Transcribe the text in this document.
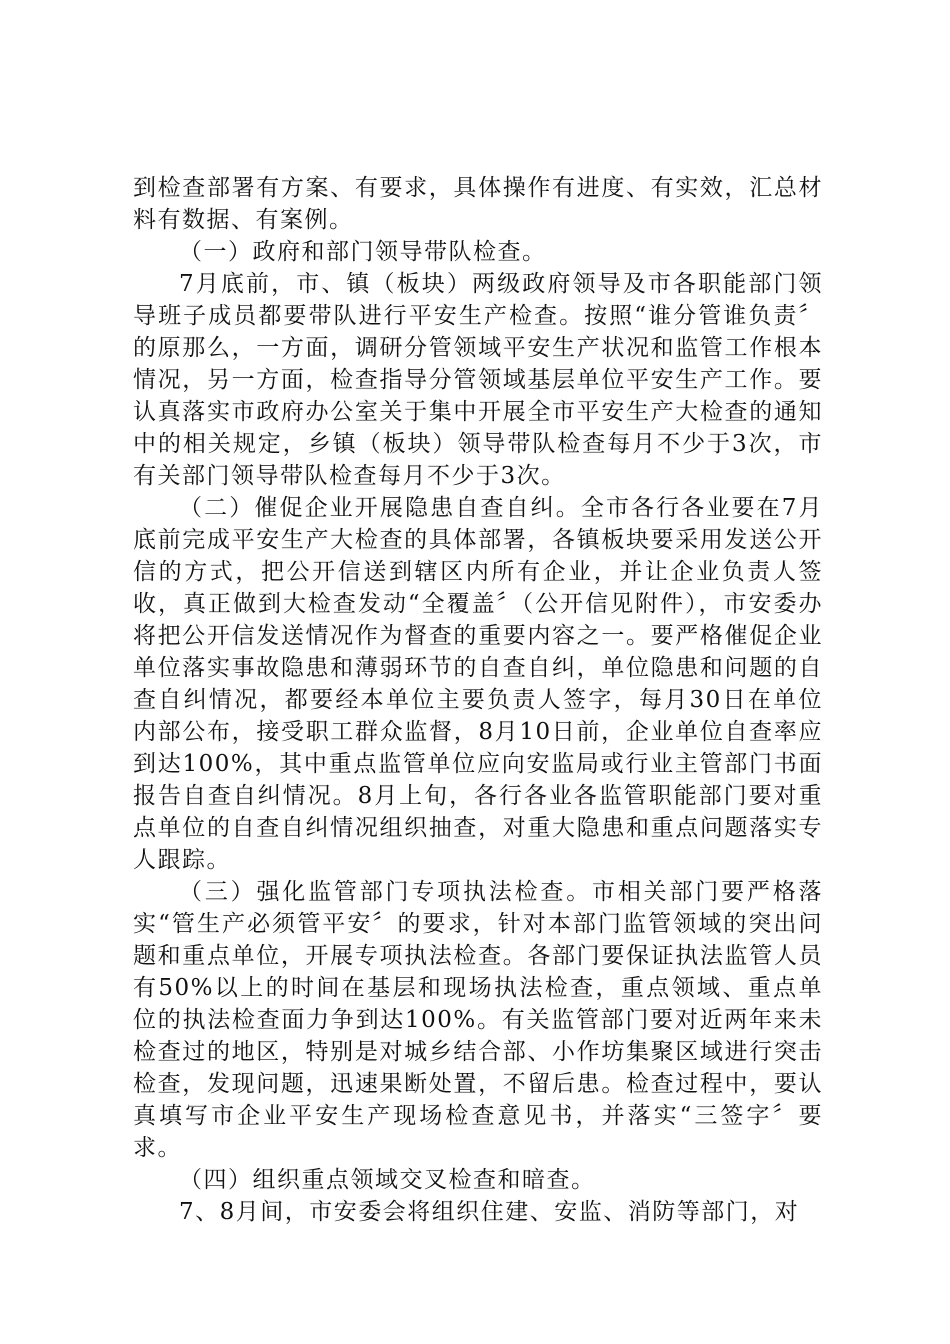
到检查部署有方案、有要求，具体操作有进度、有实效，汇总材料有数据、有案例。

（一）政府和部门领导带队检查。

7月底前，市、镇（板块）两级政府领导及市各职能部门领导班子成员都要带队进行平安生产检查。按照“谁分管谁负责〞的原那么，一方面，调研分管领域平安生产状况和监管工作根本情况，另一方面，检查指导分管领域基层单位平安生产工作。要认真落实市政府办公室关于集中开展全市平安生产大检查的通知中的相关规定，乡镇（板块）领导带队检查每月不少于3次，市有关部门领导带队检查每月不少于3次。

（二）催促企业开展隐患自查自纠。全市各行各业要在7月底前完成平安生产大检查的具体部署，各镇板块要采用发送公开信的方式，把公开信送到辖区内所有企业，并让企业负责人签收，真正做到大检查发动“全覆盖〞（公开信见附件），市安委办将把公开信发送情况作为督查的重要内容之一。要严格催促企业单位落实事故隐患和薄弱环节的自查自纠，单位隐患和问题的自查自纠情况，都要经本单位主要负责人签字，每月30日在单位内部公布，接受职工群众监督，8月10日前，企业单位自查率应到达100%，其中重点监管单位应向安监局或行业主管部门书面报告自查自纠情况。8月上旬，各行各业各监管职能部门要对重点单位的自查自纠情况组织抽查，对重大隐患和重点问题落实专人跟踪。

（三）强化监管部门专项执法检查。市相关部门要严格落实“管生产必须管平安〞的要求，针对本部门监管领域的突出问题和重点单位，开展专项执法检查。各部门要保证执法监管人员有50%以上的时间在基层和现场执法检查，重点领域、重点单位的执法检查面力争到达100%。有关监管部门要对近两年来未检查过的地区，特别是对城乡结合部、小作坊集聚区域进行突击检查，发现问题，迅速果断处置，不留后患。检查过程中，要认真填写市企业平安生产现场检查意见书，并落实“三签字〞要求。

（四）组织重点领域交叉检查和暗查。

7、8月间，市安委会将组织住建、安监、消防等部门，对
